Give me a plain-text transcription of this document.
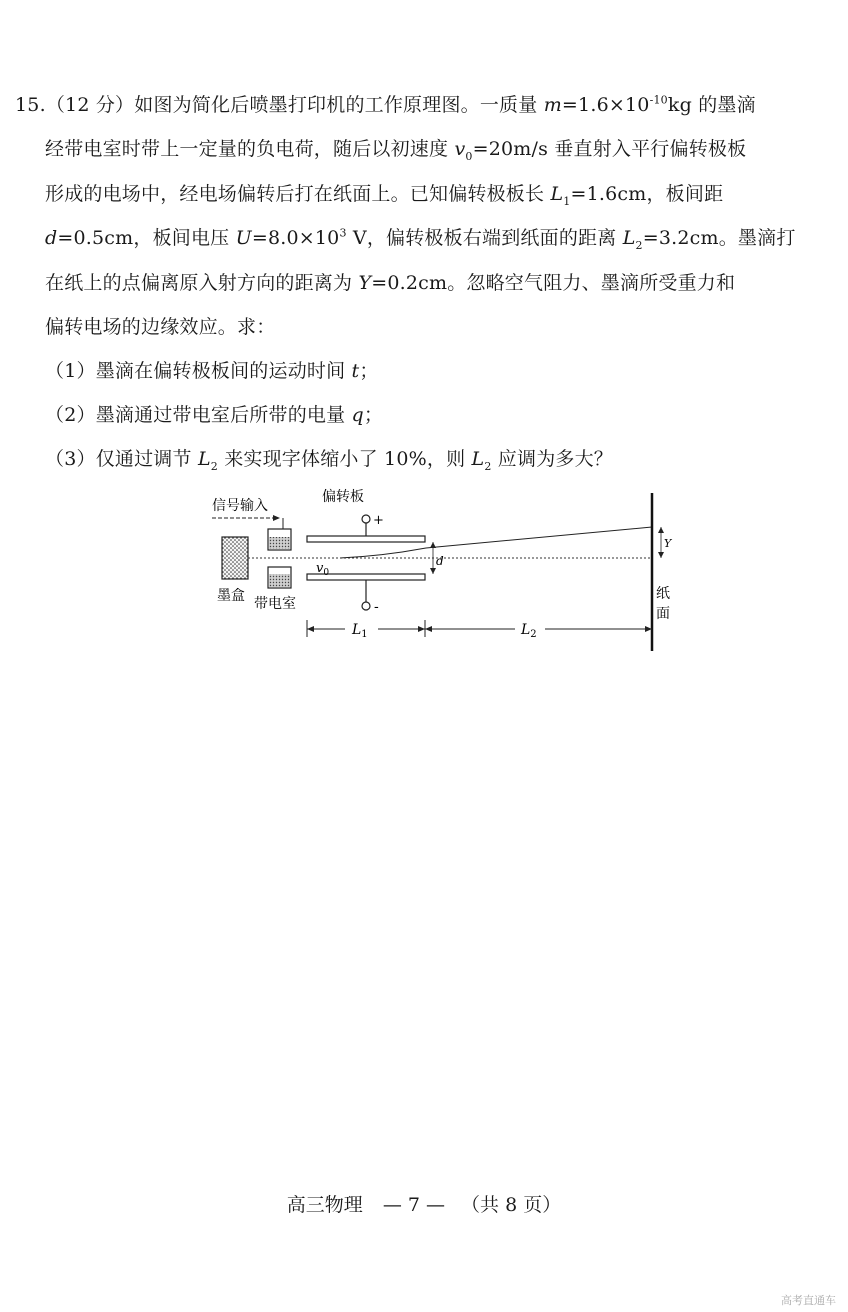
15.（12 分）如图为简化后喷墨打印机的工作原理图。一质量 $m=1.6\times 10^{-10}kg$ 的墨滴
经带电室时带上一定量的负电荷，随后以初速度 $v_0=20m/s$ 垂直射入平行偏转极板
形成的电场中，经电场偏转后打在纸面上。已知偏转极板长 $L_1=1.6cm$，板间距
d=0.5cm，板间电压 $U=8.0\times 10^3$ V，偏转极板右端到纸面的距离 $L_2=3.2cm$。墨滴打
在纸上的点偏离原入射方向的距离为 Y=0.2cm。忽略空气阻力、墨滴所受重力和
偏转电场的边缘效应。求：
（1）墨滴在偏转极板间的运动时间 t；
（2）墨滴通过带电室后所带的电量 q；
（3）仅通过调节 $L_2$ 来实现字体缩小了 10%，则 $L_2$ 应调为多大？
信号输入
墨盒 带电室
偏转板
+
-
$v_0$
d
纸
面
Y
$L_1$	$L_2$
高三物理 — 7 — （共 8 页）
高考直通车
